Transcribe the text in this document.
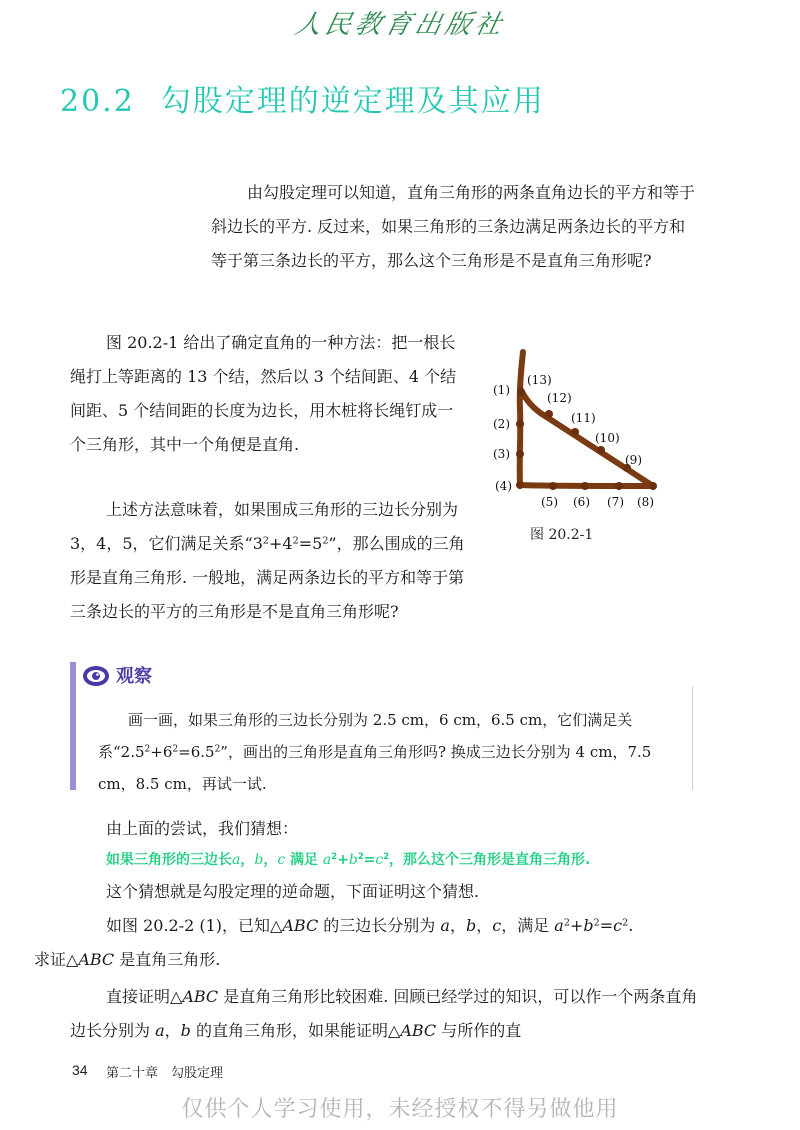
人民教育出版社
20.2 勾股定理的逆定理及其应用
由勾股定理可以知道，直角三角形的两条直角边长的平方和等于斜边长的平方. 反过来，如果三角形的三条边满足两条边长的平方和等于第三条边长的平方，那么这个三角形是不是直角三角形呢?
图 20.2-1 给出了确定直角的一种方法：把一根长绳打上等距离的 13 个结，然后以 3 个结间距、4 个结间距、5 个结间距的长度为边长，用木桩将长绳钉成一个三角形，其中一个角便是直角.
上述方法意味着，如果围成三角形的三边长分别为 3，4，5，它们满足关系“$3^2+4^2=5^2$”，那么围成的三角形是直角三角形. 一般地，满足两条边长的平方和等于第三条边长的平方的三角形是不是直角三角形呢?
(1)
(2)
(3)
(4)
(5) (6) (7) (8)
(9)
(10)
(11)
(12)
(13)
图 20.2-1
观察
画一画，如果三角形的三边长分别为 2.5 cm，6 cm，6.5 cm，它们满足关系“$2.5^2+6^2=6.5^2$”，画出的三角形是直角三角形吗? 换成三边长分别为 4 cm，7.5 cm，8.5 cm，再试一试.
由上面的尝试，我们猜想：
如果三角形的三边长a，b，c 满足 $a^2+b^2=c^2$，那么这个三角形是直角三角形.
这个猜想就是勾股定理的逆命题，下面证明这个猜想.
如图 20.2-2 (1)，已知△ABC 的三边长分别为 a，b，c，满足 $a^2+b^2=c^2$.
求证△ABC 是直角三角形.
直接证明△ABC 是直角三角形比较困难. 回顾已经学过的知识，可以作一个两条直角边长分别为 a，b 的直角三角形，如果能证明△ABC 与所作的直
34 第二十章　勾股定理
仅供个人学习使用，未经授权不得另做他用
